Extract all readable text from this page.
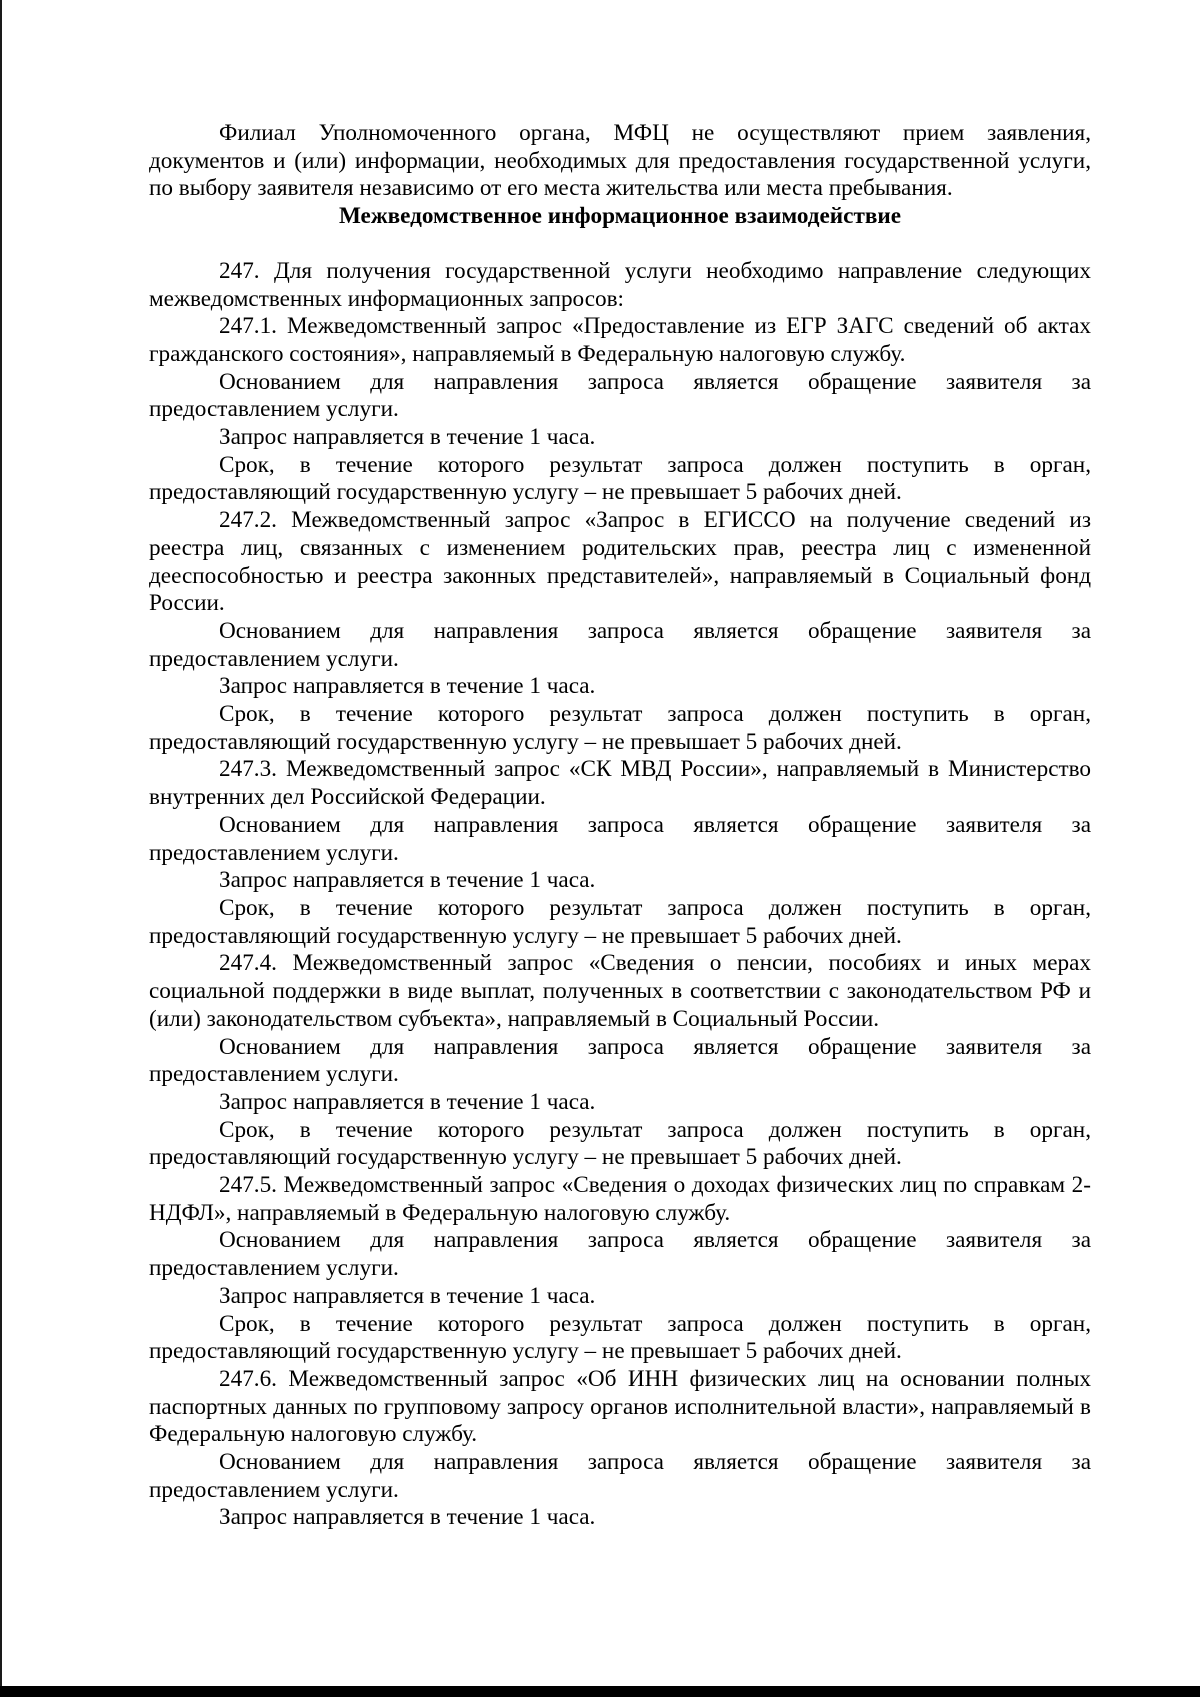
Филиал Уполномоченного органа, МФЦ не осуществляют прием заявления, документов и (или) информации, необходимых для предоставления государственной услуги, по выбору заявителя независимо от его места жительства или места пребывания.

Межведомственное информационное взаимодействие

247. Для получения государственной услуги необходимо направление следующих межведомственных информационных запросов:

247.1. Межведомственный запрос «Предоставление из ЕГР ЗАГС сведений об актах гражданского состояния», направляемый в Федеральную налоговую службу.

Основанием для направления запроса является обращение заявителя за предоставлением услуги.

Запрос направляется в течение 1 часа.

Срок, в течение которого результат запроса должен поступить в орган, предоставляющий государственную услугу – не превышает 5 рабочих дней.

247.2. Межведомственный запрос «Запрос в ЕГИССО на получение сведений из реестра лиц, связанных с изменением родительских прав, реестра лиц с измененной дееспособностью и реестра законных представителей», направляемый в Социальный фонд России.

Основанием для направления запроса является обращение заявителя за предоставлением услуги.

Запрос направляется в течение 1 часа.

Срок, в течение которого результат запроса должен поступить в орган, предоставляющий государственную услугу – не превышает 5 рабочих дней.

247.3. Межведомственный запрос «СК МВД России», направляемый в Министерство внутренних дел Российской Федерации.

Основанием для направления запроса является обращение заявителя за предоставлением услуги.

Запрос направляется в течение 1 часа.

Срок, в течение которого результат запроса должен поступить в орган, предоставляющий государственную услугу – не превышает 5 рабочих дней.

247.4. Межведомственный запрос «Сведения о пенсии, пособиях и иных мерах социальной поддержки в виде выплат, полученных в соответствии с законодательством РФ и (или) законодательством субъекта», направляемый в Социальный России.

Основанием для направления запроса является обращение заявителя за предоставлением услуги.

Запрос направляется в течение 1 часа.

Срок, в течение которого результат запроса должен поступить в орган, предоставляющий государственную услугу – не превышает 5 рабочих дней.

247.5. Межведомственный запрос «Сведения о доходах физических лиц по справкам 2-НДФЛ», направляемый в Федеральную налоговую службу.

Основанием для направления запроса является обращение заявителя за предоставлением услуги.

Запрос направляется в течение 1 часа.

Срок, в течение которого результат запроса должен поступить в орган, предоставляющий государственную услугу – не превышает 5 рабочих дней.

247.6. Межведомственный запрос «Об ИНН физических лиц на основании полных паспортных данных по групповому запросу органов исполнительной власти», направляемый в Федеральную налоговую службу.

Основанием для направления запроса является обращение заявителя за предоставлением услуги.

Запрос направляется в течение 1 часа.
